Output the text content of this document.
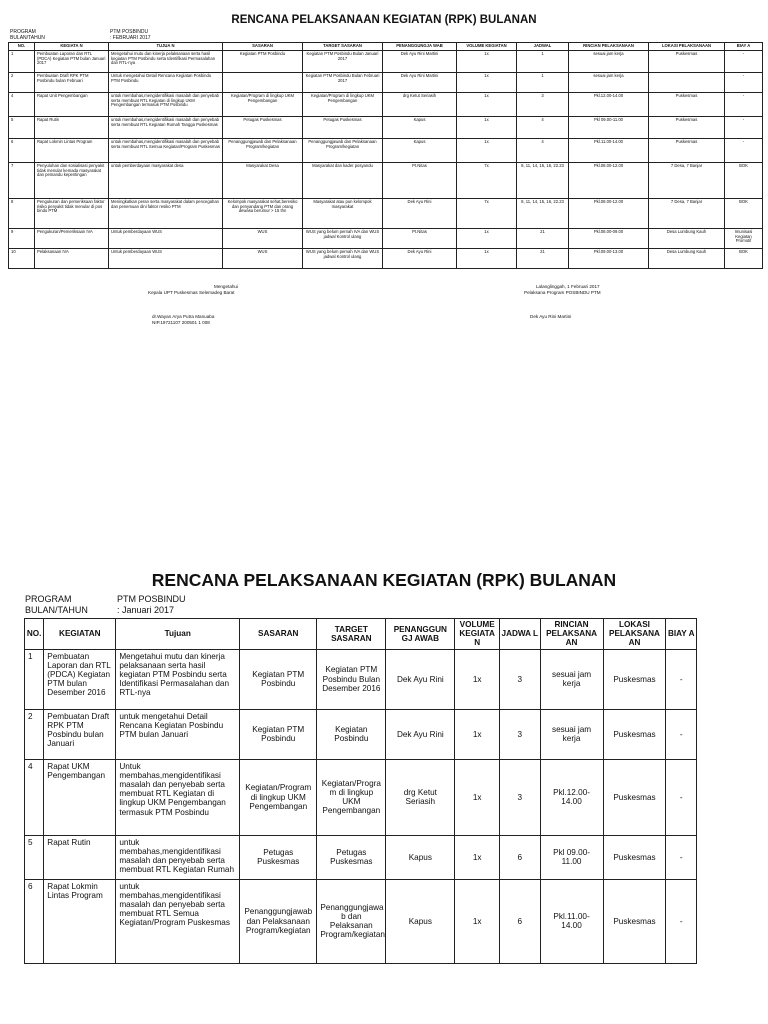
RENCANA PELAKSANAAN KEGIATAN (RPK) BULANAN
PROGRAM	PTM POSBINDU
BULAN/TAHUN	: FEBRUARI 2017
NO.	KEGIATA N	TUJUA N	SASARAN	TARGET SASARAN	PENANGGUNGJA WAB	VOLUME KEGIATAN	JADWAL	RINCIAN PELAKSANAAN	LOKASI PELAKSANAAN	BIAY A
1	Pembuatan Laporan dan RTL (PDCA) Kegiatan PTM bulan Januari 2017	Mengetahui mutu dan kinerja pelaksanaan serta hasil kegiatan PTM Posbindu serta Identifikasi Permasalahan dan RTL-nya	Kegiatan PTM Posbindu	Kegiatan PTM Posbindu Bulan Januari 2017	Dek Ayu Rini Martini	1x	1	sesuai jam kerja	Puskesmas	-
2	Pembuatan Draft RPK PTM Posbindu bulan Februari	Untuk mengetahui Detail Rencana Kegiatan Posbindu PTM Posbindu		Kegiatan PTM Posbindu Bulan Februari 2017	Dek Ayu Rini Martini	1x	1	sesuai jam kerja		-
4	Rapat Unit Pengembangan	untuk membahas,mengidentifikasi masalah dan penyebab serta membuat RTL Kegiatan di lingkup UKM Pengembangan termasuk PTM Posbindu	Kegiatan/Program di lingkup UKM Pengembangan	Kegiatan/Program di lingkup UKM Pengembangan	drg Ketut Seriasih	1x	3	Pkl.12.00-14.00	Puskesmas	-
5	Rapat Rutin	untuk membahas,mengidentifikasi masalah dan penyebab serta membuat RTL Kegiatan Rumah Tangga Puskesmas	Petugas Puskesmas	Petugas Puskesmas	Kapus	1x	4	Pkl 09.00-11.00	Puskesmas	-
6	Rapat Lokmin Lintas Program	untuk membahas,mengidentifikasi masalah dan penyebab serta membuat RTL Semua Kegiatan/Program Puskesmas	Penanggungjawab dan Pelaksanaan Program/kegiatan	Penanggungjawab dan Pelaksanaan Program/kegiatan	Kapus	1x	4	Pkl.11.00-14.00	Puskesmas	-
7	Penyuluhan dan sosialisasi penyakit tidak menular kemada masyarakat dan pemandu kepentingan	untuk pemberdayaan masyarakat desa	Masyarakat Desa	Masyarakat dan kader posyandu	Pt.Nitas	7x	8, 11, 14, 15, 16, 22.23	Pkl.08.00-12.00	7 Desa, 7 Banjar	BOK
8	Pengukuran dan pemeriksaan faktor risiko penyakit tidak menular di pos bindu PTM	Meningkatkan peran serta masyarakat dalam pencegahan dan penemuan dini faktor resiko PTM	Kelompok masyarakat sehat,beresiko dan penyandang PTM dan orang dewasa berumur > 15 thn	Masyarakat atau pun kelompok masyarakat	Dek Ayu Rini	7x	8, 11, 14, 15, 16, 22.23	Pkl.08.00-12.00	7 Desa, 7 Banjar	BOK
9	Pengukuran/Pemeriksaan IVA	Untuk pemberdayaan WUS	WUS	WUS yang belum pernah IVA dan WUS jadwal Kontrol ulang	Pt.Nitas	1x	21	Pkl.08.00-09.00	Desa Lumbung Kauh	Imunisasi Kegiatan Promotif
10	Pelaksanaan IVA	Untuk pemberdayaan WUS	WUS	WUS yang belum pernah IVA dan WUS jadwal Kontrol ulang	Dek Ayu Rini	1x	21	Pkl.09.00-13.00	Desa Lumbung Kauh	BOK
Mengetahui
Kepala UPT Puskesmas Selemadeg Barat
dr.Wayan Arya Putra Manuaba
NIP.19721107 200501 1 008
Lalanglinggah, 1 Februari 2017
Pelaksana Program POSBINDU PTM
Dek Ayu Rini Martini
RENCANA PELAKSANAAN KEGIATAN (RPK) BULANAN
PROGRAM	PTM POSBINDU
BULAN/TAHUN	: Januari 2017
NO.	KEGIATAN	Tujuan	SASARAN	TARGET SASARAN	PENANGGUN GJ AWAB	VOLUME KEGIATA N	JADWA L	RINCIAN PELAKSANA AN	LOKASI PELAKSANA AN	BIAY A
1	Pembuatan Laporan dan RTL (PDCA) Kegiatan PTM bulan Desember 2016	Mengetahui mutu dan kinerja pelaksanaan serta hasil kegiatan PTM Posbindu serta Identifikasi Permasalahan dan RTL-nya	Kegiatan PTM Posbindu	Kegiatan PTM Posbindu Bulan Desember 2016	Dek Ayu Rini	1x	3	sesuai jam kerja	Puskesmas	-
2	Pembuatan Draft RPK PTM Posbindu bulan Januari	untuk mengetahui Detail Rencana Kegiatan Posbindu PTM bulan Januari	Kegiatan PTM Posbindu	Kegiatan Posbindu	Dek Ayu Rini	1x	3	sesuai jam kerja	Puskesmas	-
4	Rapat UKM Pengembangan	Untuk membahas,mengidentifikasi masalah dan penyebab serta membuat RTL Kegiatan di lingkup UKM Pengembangan termasuk PTM Posbindu	Kegiatan/Program di lingkup UKM Pengembangan	Kegiatan/Progra m di lingkup UKM Pengembangan	drg Ketut Seriasih	1x	3	Pkl.12.00-14.00	Puskesmas	-
5	Rapat Rutin	untuk membahas,mengidentifikasi masalah dan penyebab serta membuat RTL Kegiatan Rumah	Petugas Puskesmas	Petugas Puskesmas	Kapus	1x	6	Pkl 09.00-11.00	Puskesmas	-
6	Rapat Lokmin Lintas Program	untuk membahas,mengidentifikasi masalah dan penyebab serta membuat RTL Semua Kegiatan/Program Puskesmas	Penanggungjawab dan Pelaksanaan Program/kegiatan	Penanggungjawa b dan Pelaksanan Program/kegiatan	Kapus	1x	6	Pkl.11.00-14.00	Puskesmas	-
